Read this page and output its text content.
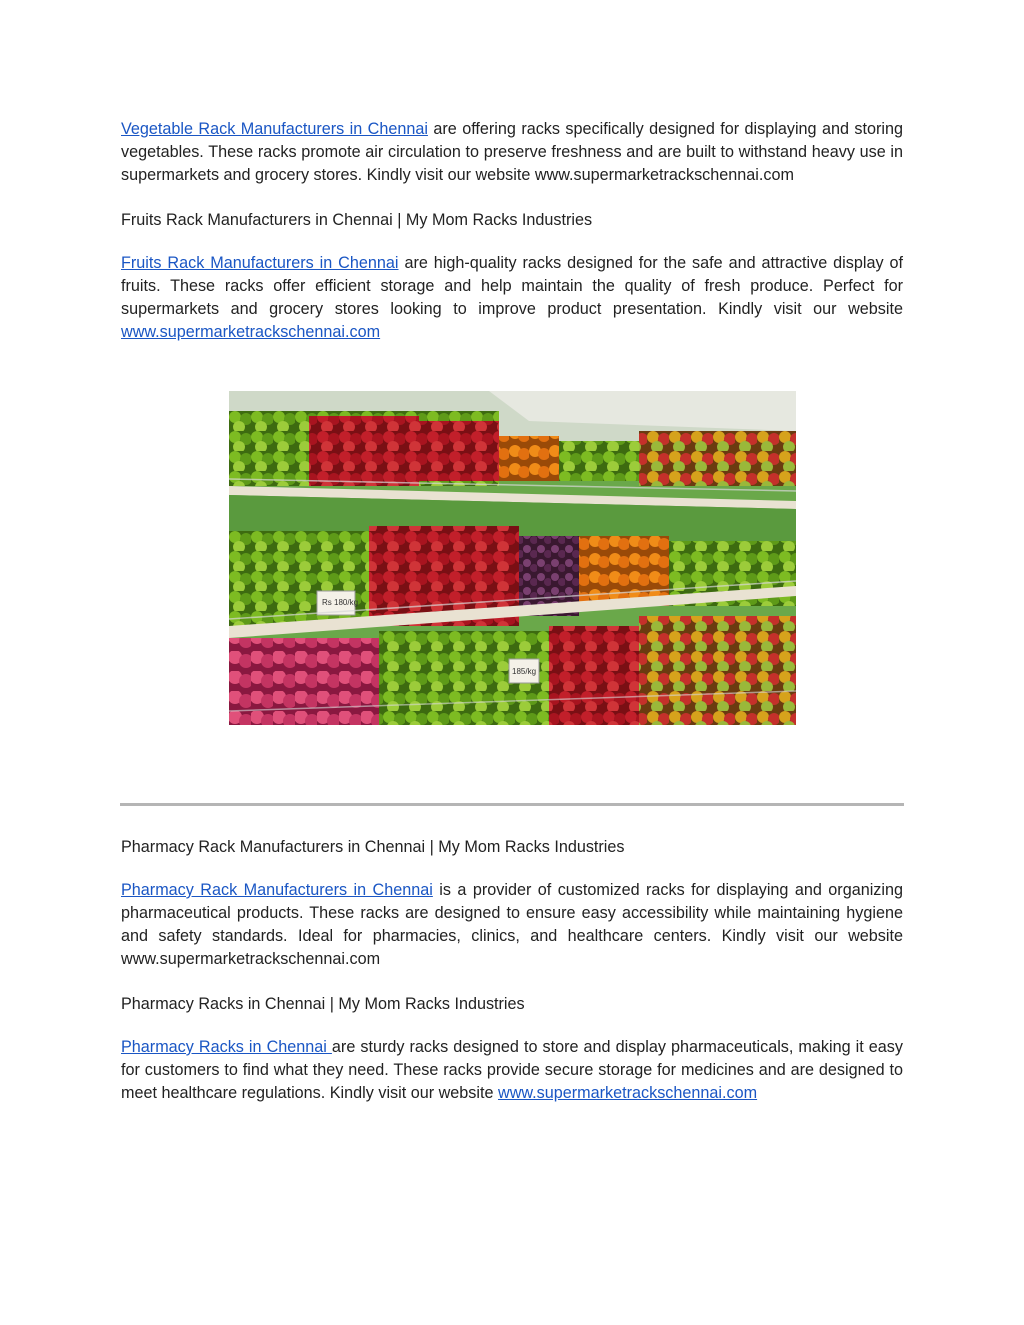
Vegetable Rack Manufacturers in Chennai are offering racks specifically designed for displaying and storing vegetables. These racks promote air circulation to preserve freshness and are built to withstand heavy use in supermarkets and grocery stores. Kindly visit our website www.supermarketrackschennai.com

Fruits Rack Manufacturers in Chennai | My Mom Racks Industries

Fruits Rack Manufacturers in Chennai are high-quality racks designed for the safe and attractive display of fruits. These racks offer efficient storage and help maintain the quality of fresh produce. Perfect for supermarkets and grocery stores looking to improve product presentation. Kindly visit our website www.supermarketrackschennai.com

Rs 180/kg
185/kg

Pharmacy Rack Manufacturers in Chennai | My Mom Racks Industries

Pharmacy Rack Manufacturers in Chennai is a provider of customized racks for displaying and organizing pharmaceutical products. These racks are designed to ensure easy accessibility while maintaining hygiene and safety standards. Ideal for pharmacies, clinics, and healthcare centers. Kindly visit our website www.supermarketrackschennai.com

Pharmacy Racks in Chennai | My Mom Racks Industries

Pharmacy Racks in Chennai are sturdy racks designed to store and display pharmaceuticals, making it easy for customers to find what they need. These racks provide secure storage for medicines and are designed to meet healthcare regulations. Kindly visit our website www.supermarketrackschennai.com
